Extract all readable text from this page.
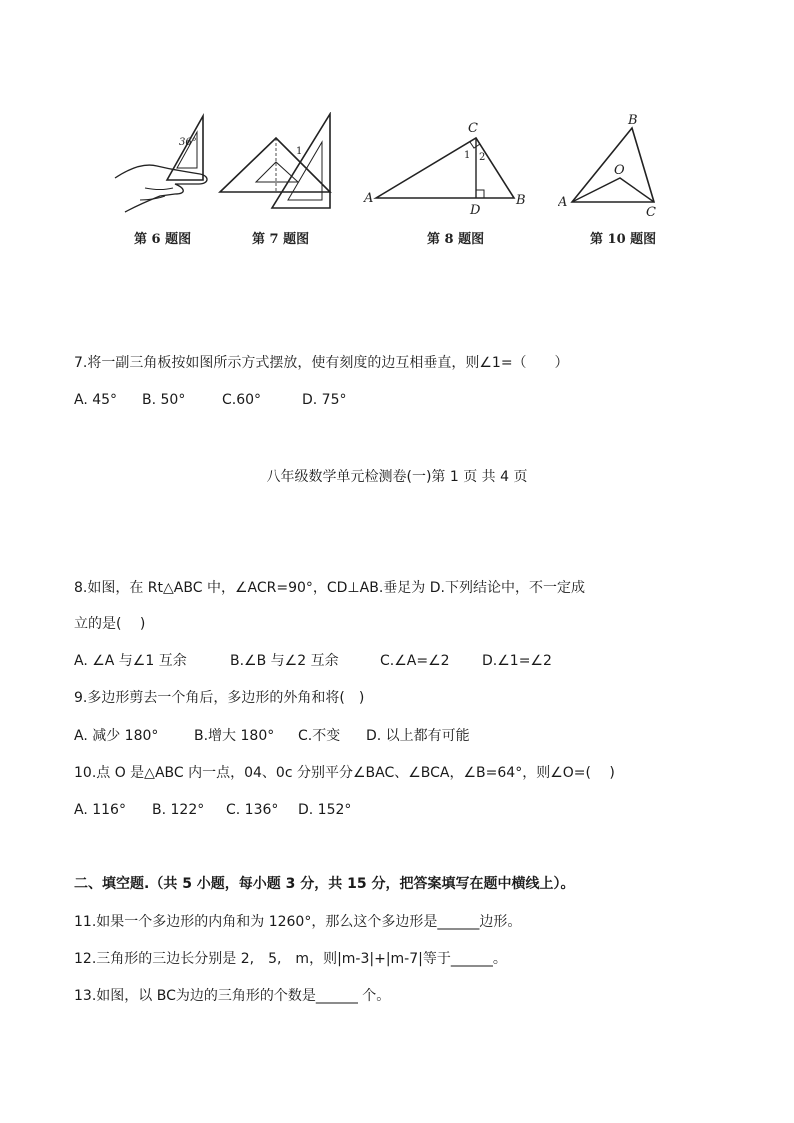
36°
第 6 题图
1
第 7 题图
A	B
C
D
1 2
第 8 题图
A
B
C
O
第 10 题图
7.将一副三角板按如图所示方式摆放，使有刻度的边互相垂直，则∠1=（　　）
A. 45° B. 50°	C.60°	D. 75°
八年级数学单元检测卷(一)第 1 页 共 4 页
8.如图，在 Rt△ABC 中，∠ACR=90°，CD⊥AB.垂足为 D.下列结论中，不一定成
立的是(　 )
A. ∠A 与∠1 互余	B.∠B 与∠2 互余	C.∠A=∠2 D.∠1=∠2
9.多边形剪去一个角后，多边形的外角和将(　)
A. 减少 180°	B.增大 180° C.不变 D. 以上都有可能
10.点 O 是△ABC 内一点，04、0c 分别平分∠BAC、∠BCA，∠B=64°，则∠O=(　 )
A. 116° B. 122° C. 136° D. 152°
二、填空题.（共 5 小题，每小题 3 分，共 15 分，把答案填写在题中横线上）。
11.如果一个多边形的内角和为 1260°，那么这个多边形是______边形。
12.三角形的三边长分别是 2,　5,　m，则|m-3|+|m-7|等于______。
13.如图，以 BC为边的三角形的个数是______ 个。
